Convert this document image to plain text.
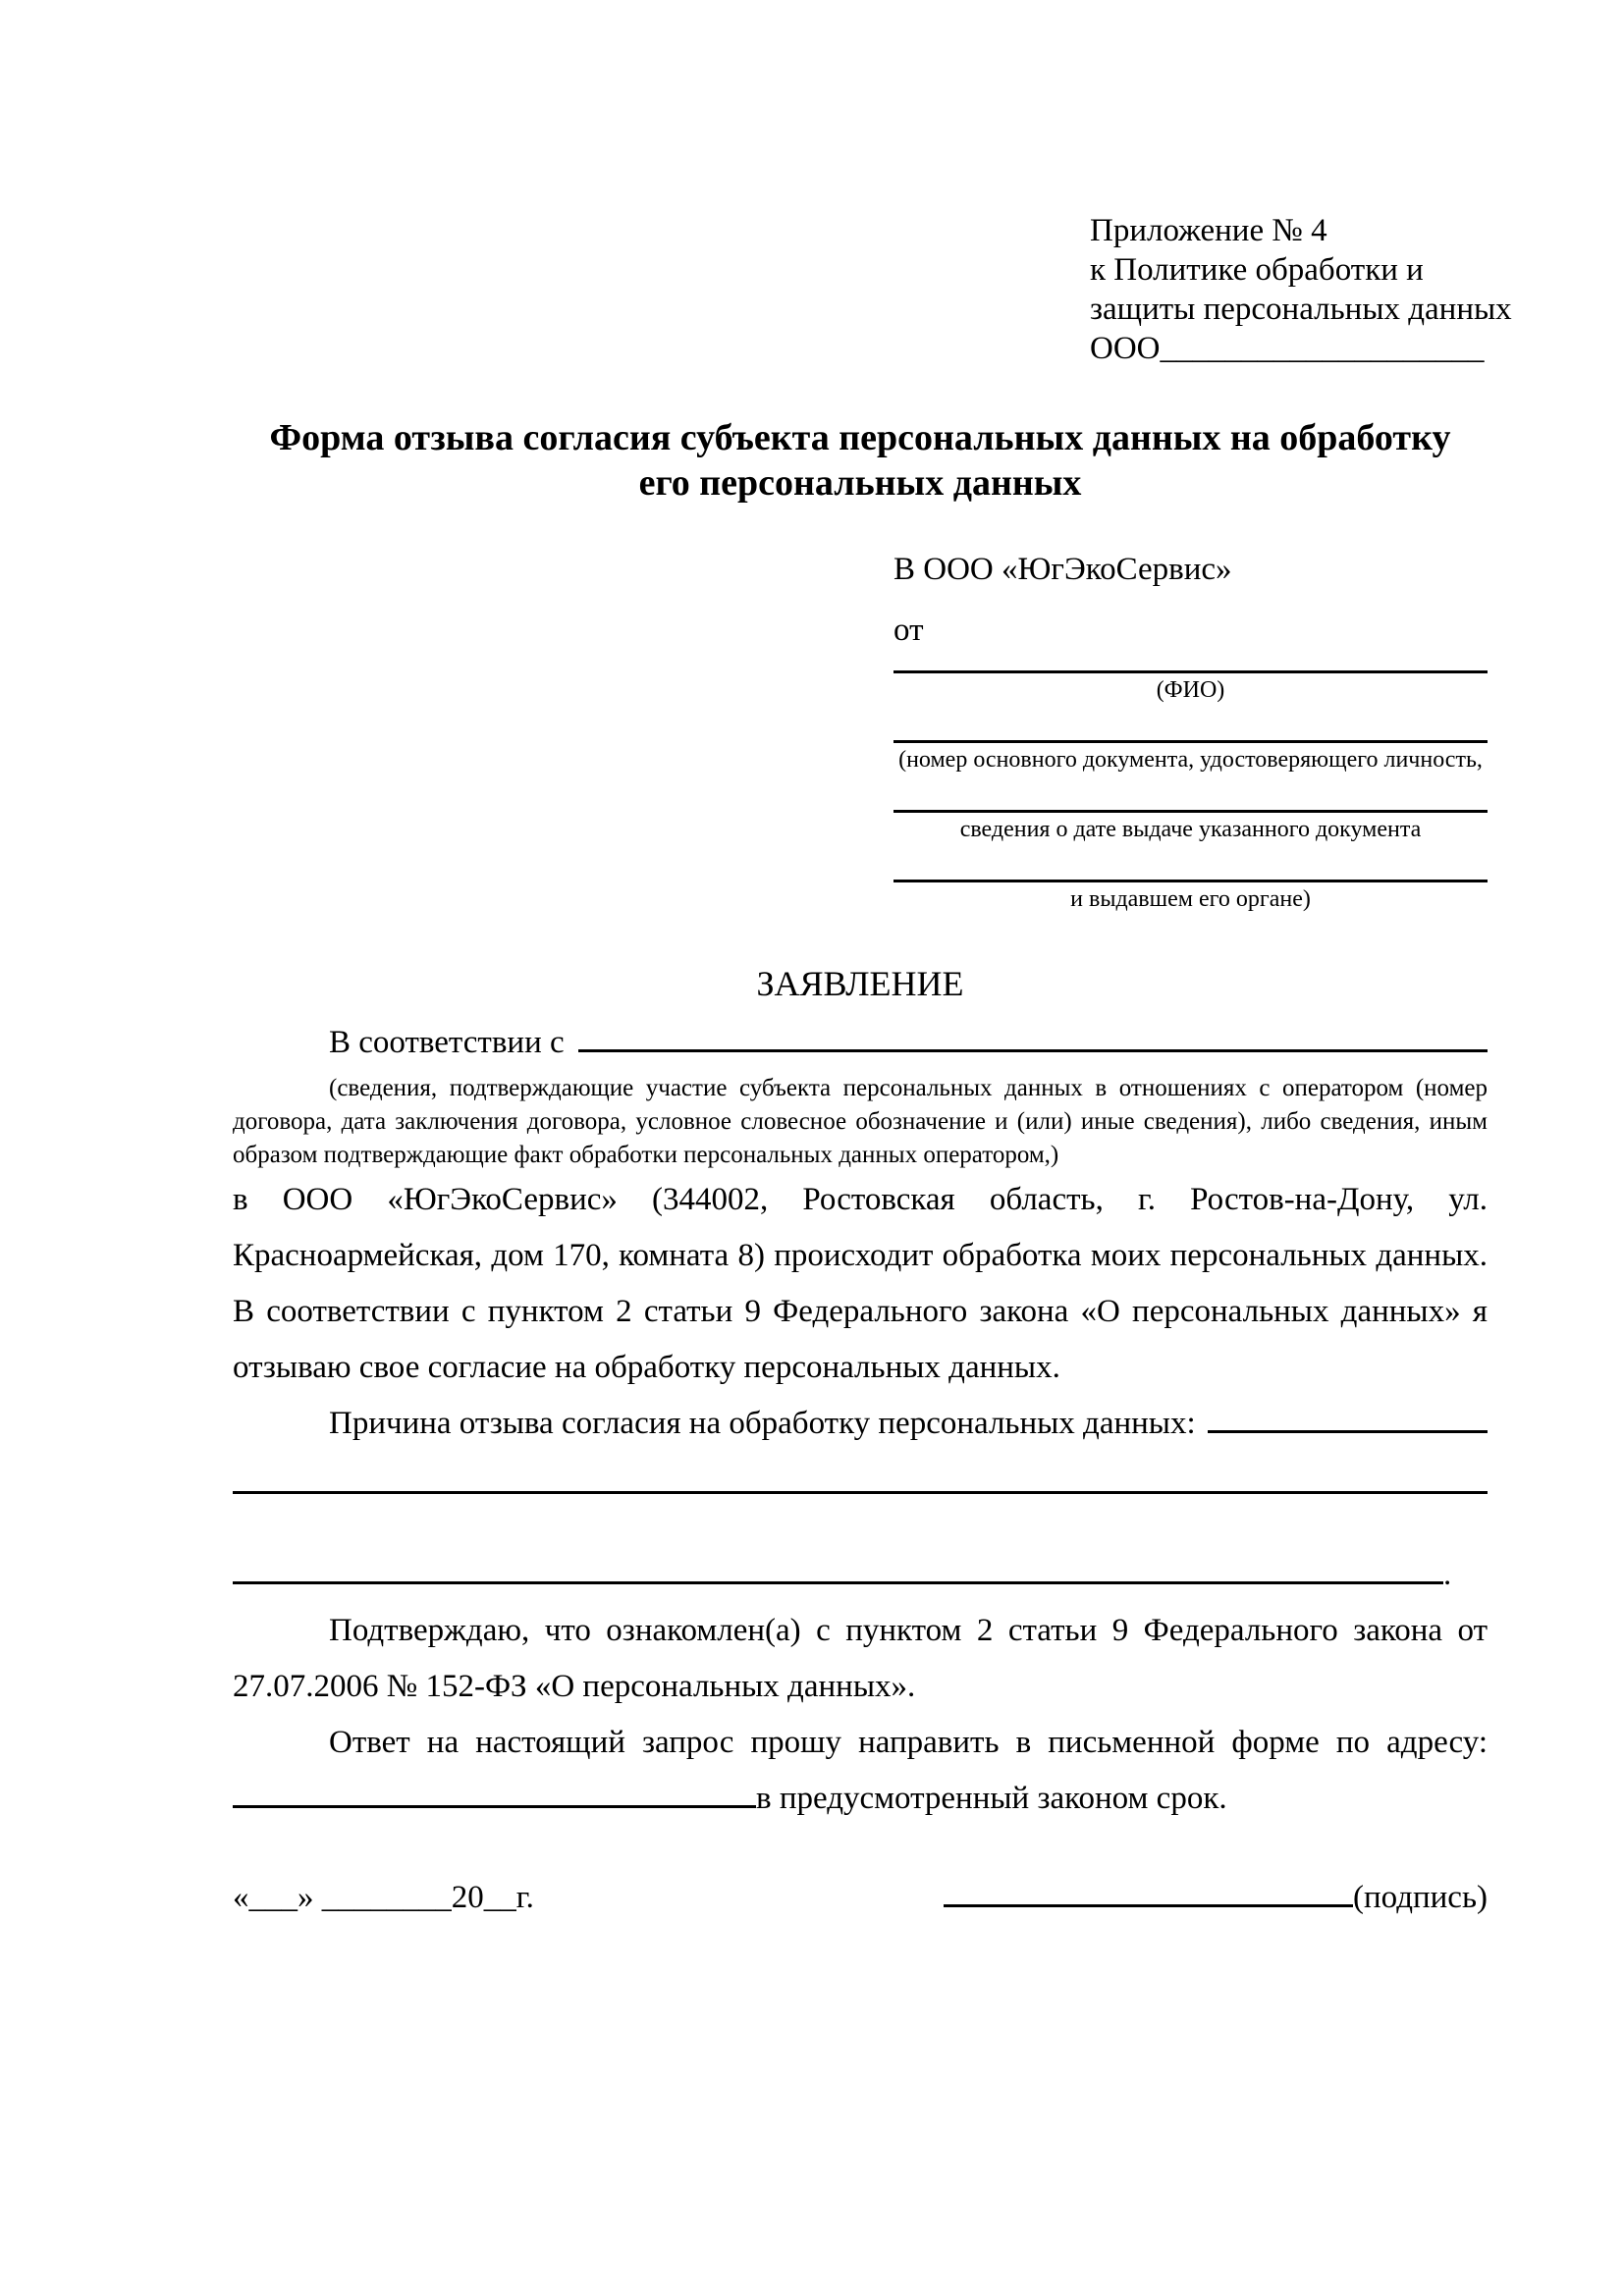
Приложение № 4
к Политике обработки и
защиты персональных данных
ООО____________________
Форма отзыва согласия субъекта персональных данных на обработку
его персональных данных
В ООО «ЮгЭкоСервис»
от
(ФИО)
(номер основного документа, удостоверяющего личность,
сведения о дате выдаче указанного документа
и выдавшем его органе)
ЗАЯВЛЕНИЕ
В соответствии с
(сведения, подтверждающие участие субъекта персональных данных в отношениях с оператором (номер договора, дата заключения договора, условное словесное обозначение и (или) иные сведения), либо сведения, иным образом подтверждающие факт обработки персональных данных оператором,)
в ООО «ЮгЭкоСервис» (344002, Ростовская область, г. Ростов-на-Дону, ул. Красноармейская, дом 170, комната 8) происходит обработка моих персональных данных. В соответствии с пунктом 2 статьи 9 Федерального закона «О персональных данных» я отзываю свое согласие на обработку персональных данных.
Причина отзыва согласия на обработку персональных данных:
.
Подтверждаю, что ознакомлен(а) с пунктом 2 статьи 9 Федерального закона от 27.07.2006 № 152-ФЗ «О персональных данных».
Ответ на настоящий запрос прошу направить в письменной форме по адресу:
в предусмотренный законом срок.
«___» ________20__г.	(подпись)
